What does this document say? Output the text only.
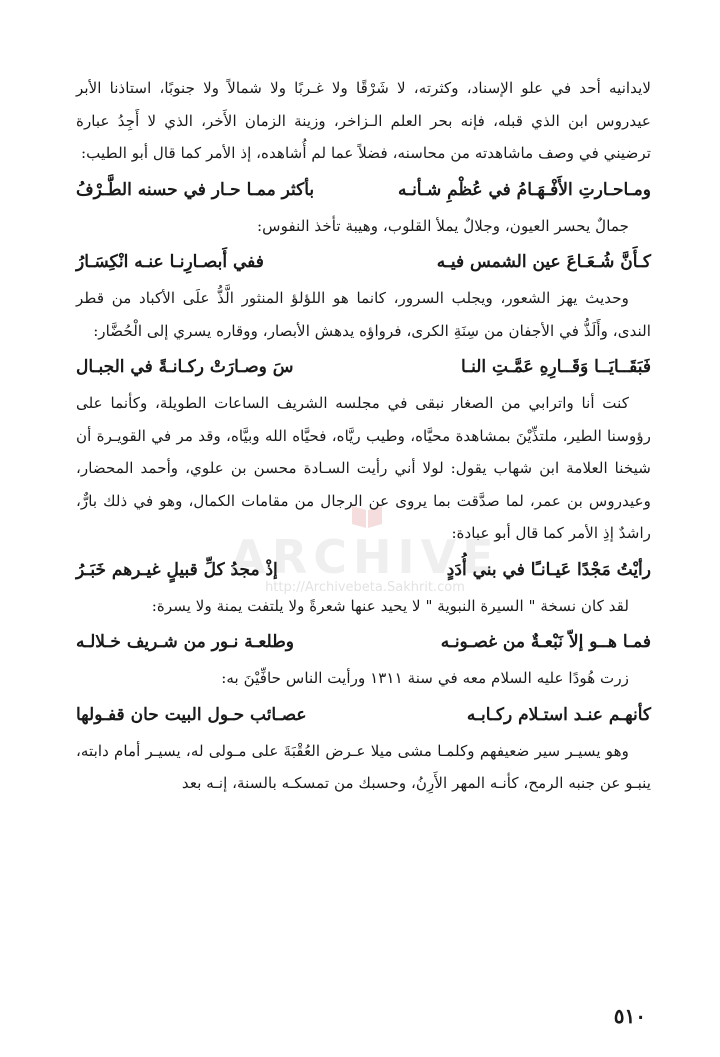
ARCHIVE
http://Archivebeta.Sakhrit.com

لايدانيه أحد في علو الإسناد، وكثرته، لا شَرْقًا ولا غـربًا ولا شمالاً ولا جنوبًا، استاذنا الأبر عيدروس ابن الذي قبله، فإنه بحر العلم الـزاخر، وزينة الزمان الأَخر، الذي لا أَجِدُ عبارة ترضيني في وصف ماشاهدته من محاسنه، فضلاً عما لم أُشاهده، إذ الأمر كما قال أبو الطيب:

ومـاحـارتِ الأَفْـهَـامُ في عُظْمِ شـأنـه
بأكثر ممـا حـار في حسنه الطَّـرْفُ

جمالٌ يحسر العيون، وجلالٌ يملأ القلوب، وهيبة تأخذ النفوس:

كـأَنَّ شُـعَـاعَ عين الشمس فيـه
ففي أَبصـارِنـا عنـه انْكِسَـارُ

وحديث يهز الشعور، ويجلب السرور، كانما هو اللؤلؤ المنثور الَّذُّ علَى الأكباد من قطر الندى، وأَلَذُّ في الأجفان من سِنَةِ الكرى، فرواؤه يدهش الأبصار، ووقاره يسري إلى الْحُضَّار:

فَبَقَــايَــا وَقَــارِهِ عَمَّـتِ النـا
سَ وصـارَتْ ركـانـةً في الجبـال

كنت أنا واترابي من الصغار نبقى في مجلسه الشريف الساعات الطويلة، وكأنما على رؤوسنا الطير، ملتذِّيْنَ بمشاهدة محيَّاه، وطيب ريَّاه، فحيَّاه الله وبيَّاه، وقد مر في القويـرة أن شيخنا العلامة ابن شهاب يقول: لولا أني رأيت السـادة محسن بن علوي، وأحمد المحضار، وعيدروس بن عمر، لما صدَّقت بما يروى عن الرجال من مقامات الكمال، وهو في ذلك بارٌّ، راشدٌ إذِ الأمر كما قال أبو عبادة:

رأيْتُ مَجْدًا عَيـانـًا في بني أُدَدٍ
إذْ مجدُ كلِّ قبيلٍ غيـرهم خَبَـرُ

لقد كان نسخة " السيرة النبوية " لا يحيد عنها شعرةً ولا يلتفت يمنة ولا يسرة:

فمـا هــو إلاّ نَبْعـةٌ من غصـونـه
وطلعـة نـور من شـريف خـلالـه

زرت هُودًا عليه السلام معه في سنة ١٣١١ ورأيت الناس حافِّيْنَ به:

كأنهـم عنـد استـلام ركـابـه
عصـائب حـول البيت حان قفـولها

وهو يسيـر سير ضعيفهم وكلمـا مشى ميلا عـرض العُقْبَةَ على مـولى له، يسيـر أمام دابته، ينبـو عن جنبه الرمح، كأنـه المهر الأَرِنُ، وحسبك من تمسكـه بالسنة، إنـه بعد

٥١٠
